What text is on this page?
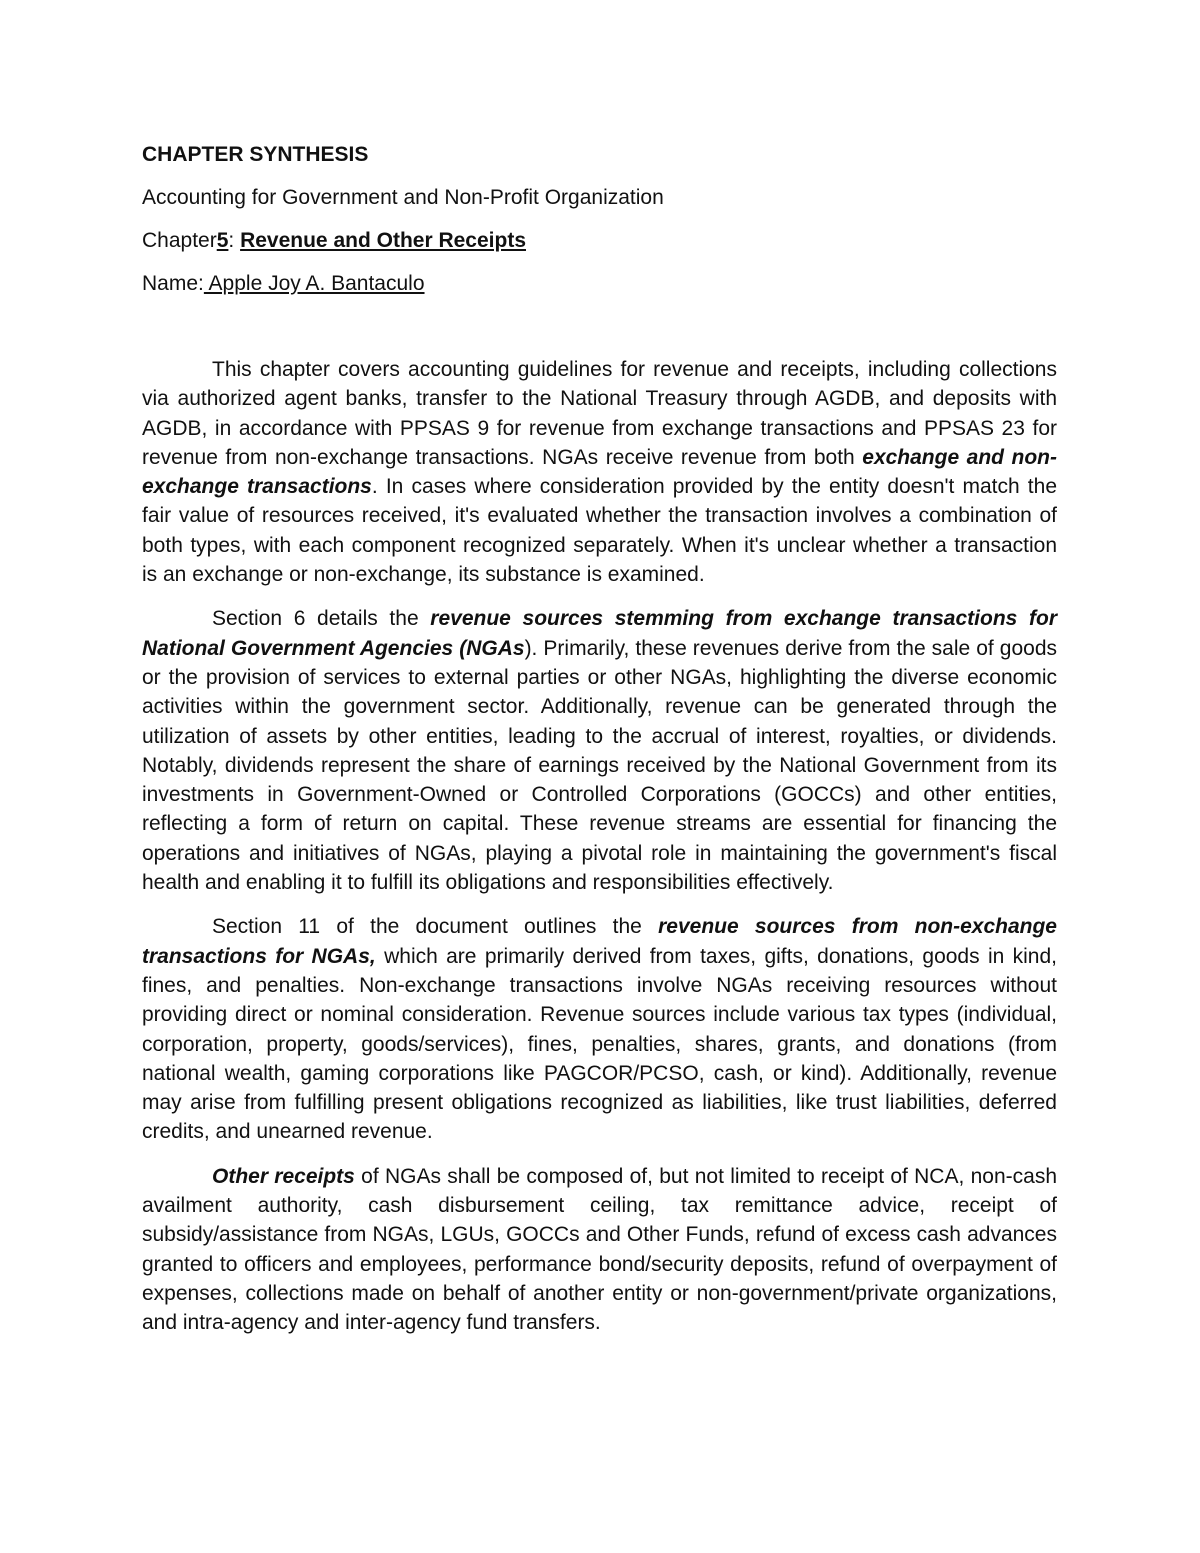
CHAPTER SYNTHESIS

Accounting for Government and Non-Profit Organization

Chapter5: Revenue and Other Receipts

Name: Apple Joy A. Bantaculo

This chapter covers accounting guidelines for revenue and receipts, including collections via authorized agent banks, transfer to the National Treasury through AGDB, and deposits with AGDB, in accordance with PPSAS 9 for revenue from exchange transactions and PPSAS 23 for revenue from non-exchange transactions. NGAs receive revenue from both exchange and non-exchange transactions. In cases where consideration provided by the entity doesn't match the fair value of resources received, it's evaluated whether the transaction involves a combination of both types, with each component recognized separately. When it's unclear whether a transaction is an exchange or non-exchange, its substance is examined.

Section 6 details the revenue sources stemming from exchange transactions for National Government Agencies (NGAs). Primarily, these revenues derive from the sale of goods or the provision of services to external parties or other NGAs, highlighting the diverse economic activities within the government sector. Additionally, revenue can be generated through the utilization of assets by other entities, leading to the accrual of interest, royalties, or dividends. Notably, dividends represent the share of earnings received by the National Government from its investments in Government-Owned or Controlled Corporations (GOCCs) and other entities, reflecting a form of return on capital. These revenue streams are essential for financing the operations and initiatives of NGAs, playing a pivotal role in maintaining the government's fiscal health and enabling it to fulfill its obligations and responsibilities effectively.

Section 11 of the document outlines the revenue sources from non-exchange transactions for NGAs, which are primarily derived from taxes, gifts, donations, goods in kind, fines, and penalties. Non-exchange transactions involve NGAs receiving resources without providing direct or nominal consideration. Revenue sources include various tax types (individual, corporation, property, goods/services), fines, penalties, shares, grants, and donations (from national wealth, gaming corporations like PAGCOR/PCSO, cash, or kind). Additionally, revenue may arise from fulfilling present obligations recognized as liabilities, like trust liabilities, deferred credits, and unearned revenue.

Other receipts of NGAs shall be composed of, but not limited to receipt of NCA, non-cash availment authority, cash disbursement ceiling, tax remittance advice, receipt of subsidy/assistance from NGAs, LGUs, GOCCs and Other Funds, refund of excess cash advances granted to officers and employees, performance bond/security deposits, refund of overpayment of expenses, collections made on behalf of another entity or non-government/private organizations, and intra-agency and inter-agency fund transfers.
